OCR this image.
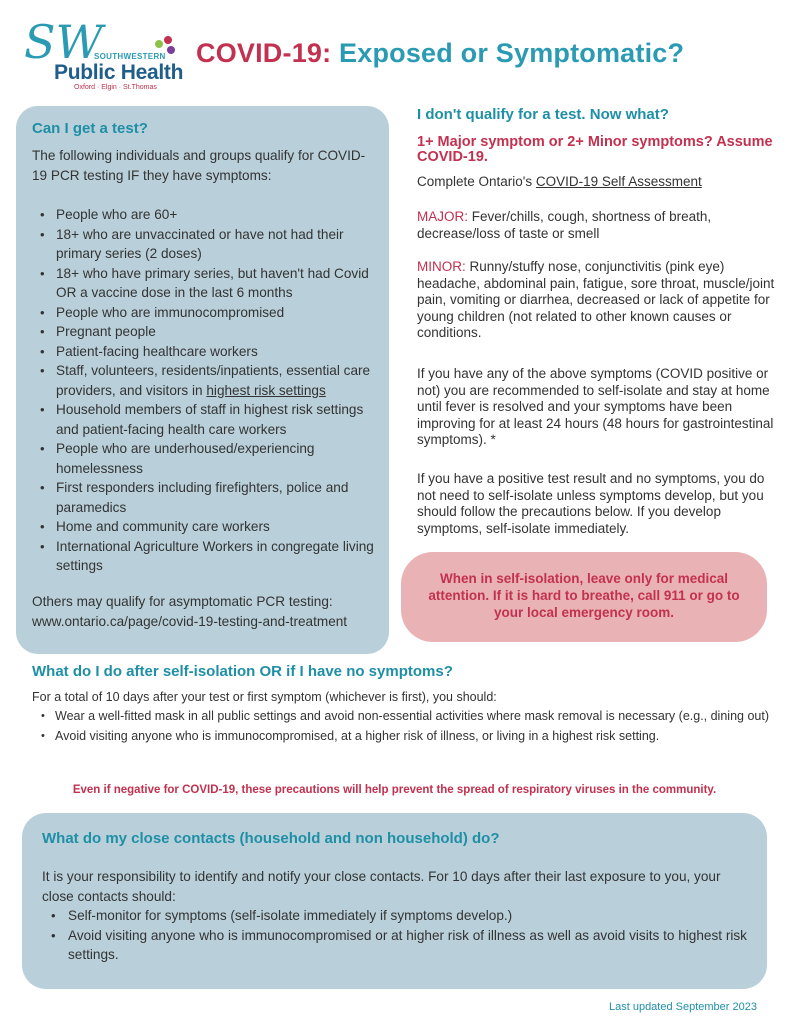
SW
SOUTHWESTERN
Public Health
Oxford · Elgin · St.Thomas
COVID-19: Exposed or Symptomatic?
Can I get a test?
The following individuals and groups qualify for COVID-19 PCR testing IF they have symptoms:
• People who are 60+
• 18+ who are unvaccinated or have not had their primary series (2 doses)
• 18+ who have primary series, but haven't had Covid OR a vaccine dose in the last 6 months
• People who are immunocompromised
• Pregnant people
• Patient-facing healthcare workers
• Staff, volunteers, residents/inpatients, essential care providers, and visitors in highest risk settings
• Household members of staff in highest risk settings and patient-facing health care workers
• People who are underhoused/experiencing homelessness
• First responders including firefighters, police and paramedics
• Home and community care workers
• International Agriculture Workers in congregate living settings
Others may qualify for asymptomatic PCR testing:
www.ontario.ca/page/covid-19-testing-and-treatment
I don't qualify for a test. Now what?
1+ Major symptom or 2+ Minor symptoms? Assume COVID-19.
Complete Ontario's COVID-19 Self Assessment
MAJOR: Fever/chills, cough, shortness of breath, decrease/loss of taste or smell
MINOR: Runny/stuffy nose, conjunctivitis (pink eye) headache, abdominal pain, fatigue, sore throat, muscle/joint pain, vomiting or diarrhea, decreased or lack of appetite for young children (not related to other known causes or conditions.
If you have any of the above symptoms (COVID positive or not) you are recommended to self-isolate and stay at home until fever is resolved and your symptoms have been improving for at least 24 hours (48 hours for gastrointestinal symptoms). *
If you have a positive test result and no symptoms, you do not need to self-isolate unless symptoms develop, but you should follow the precautions below. If you develop symptoms, self-isolate immediately.
When in self-isolation, leave only for medical attention. If it is hard to breathe, call 911 or go to your local emergency room.
What do I do after self-isolation OR if I have no symptoms?
For a total of 10 days after your test or first symptom (whichever is first), you should:
• Wear a well-fitted mask in all public settings and avoid non-essential activities where mask removal is necessary (e.g., dining out)
• Avoid visiting anyone who is immunocompromised, at a higher risk of illness, or living in a highest risk setting.
Even if negative for COVID-19, these precautions will help prevent the spread of respiratory viruses in the community.
What do my close contacts (household and non household) do?
It is your responsibility to identify and notify your close contacts. For 10 days after their last exposure to you, your close contacts should:
• Self-monitor for symptoms (self-isolate immediately if symptoms develop.)
• Avoid visiting anyone who is immunocompromised or at higher risk of illness as well as avoid visits to highest risk settings.
Last updated September 2023
